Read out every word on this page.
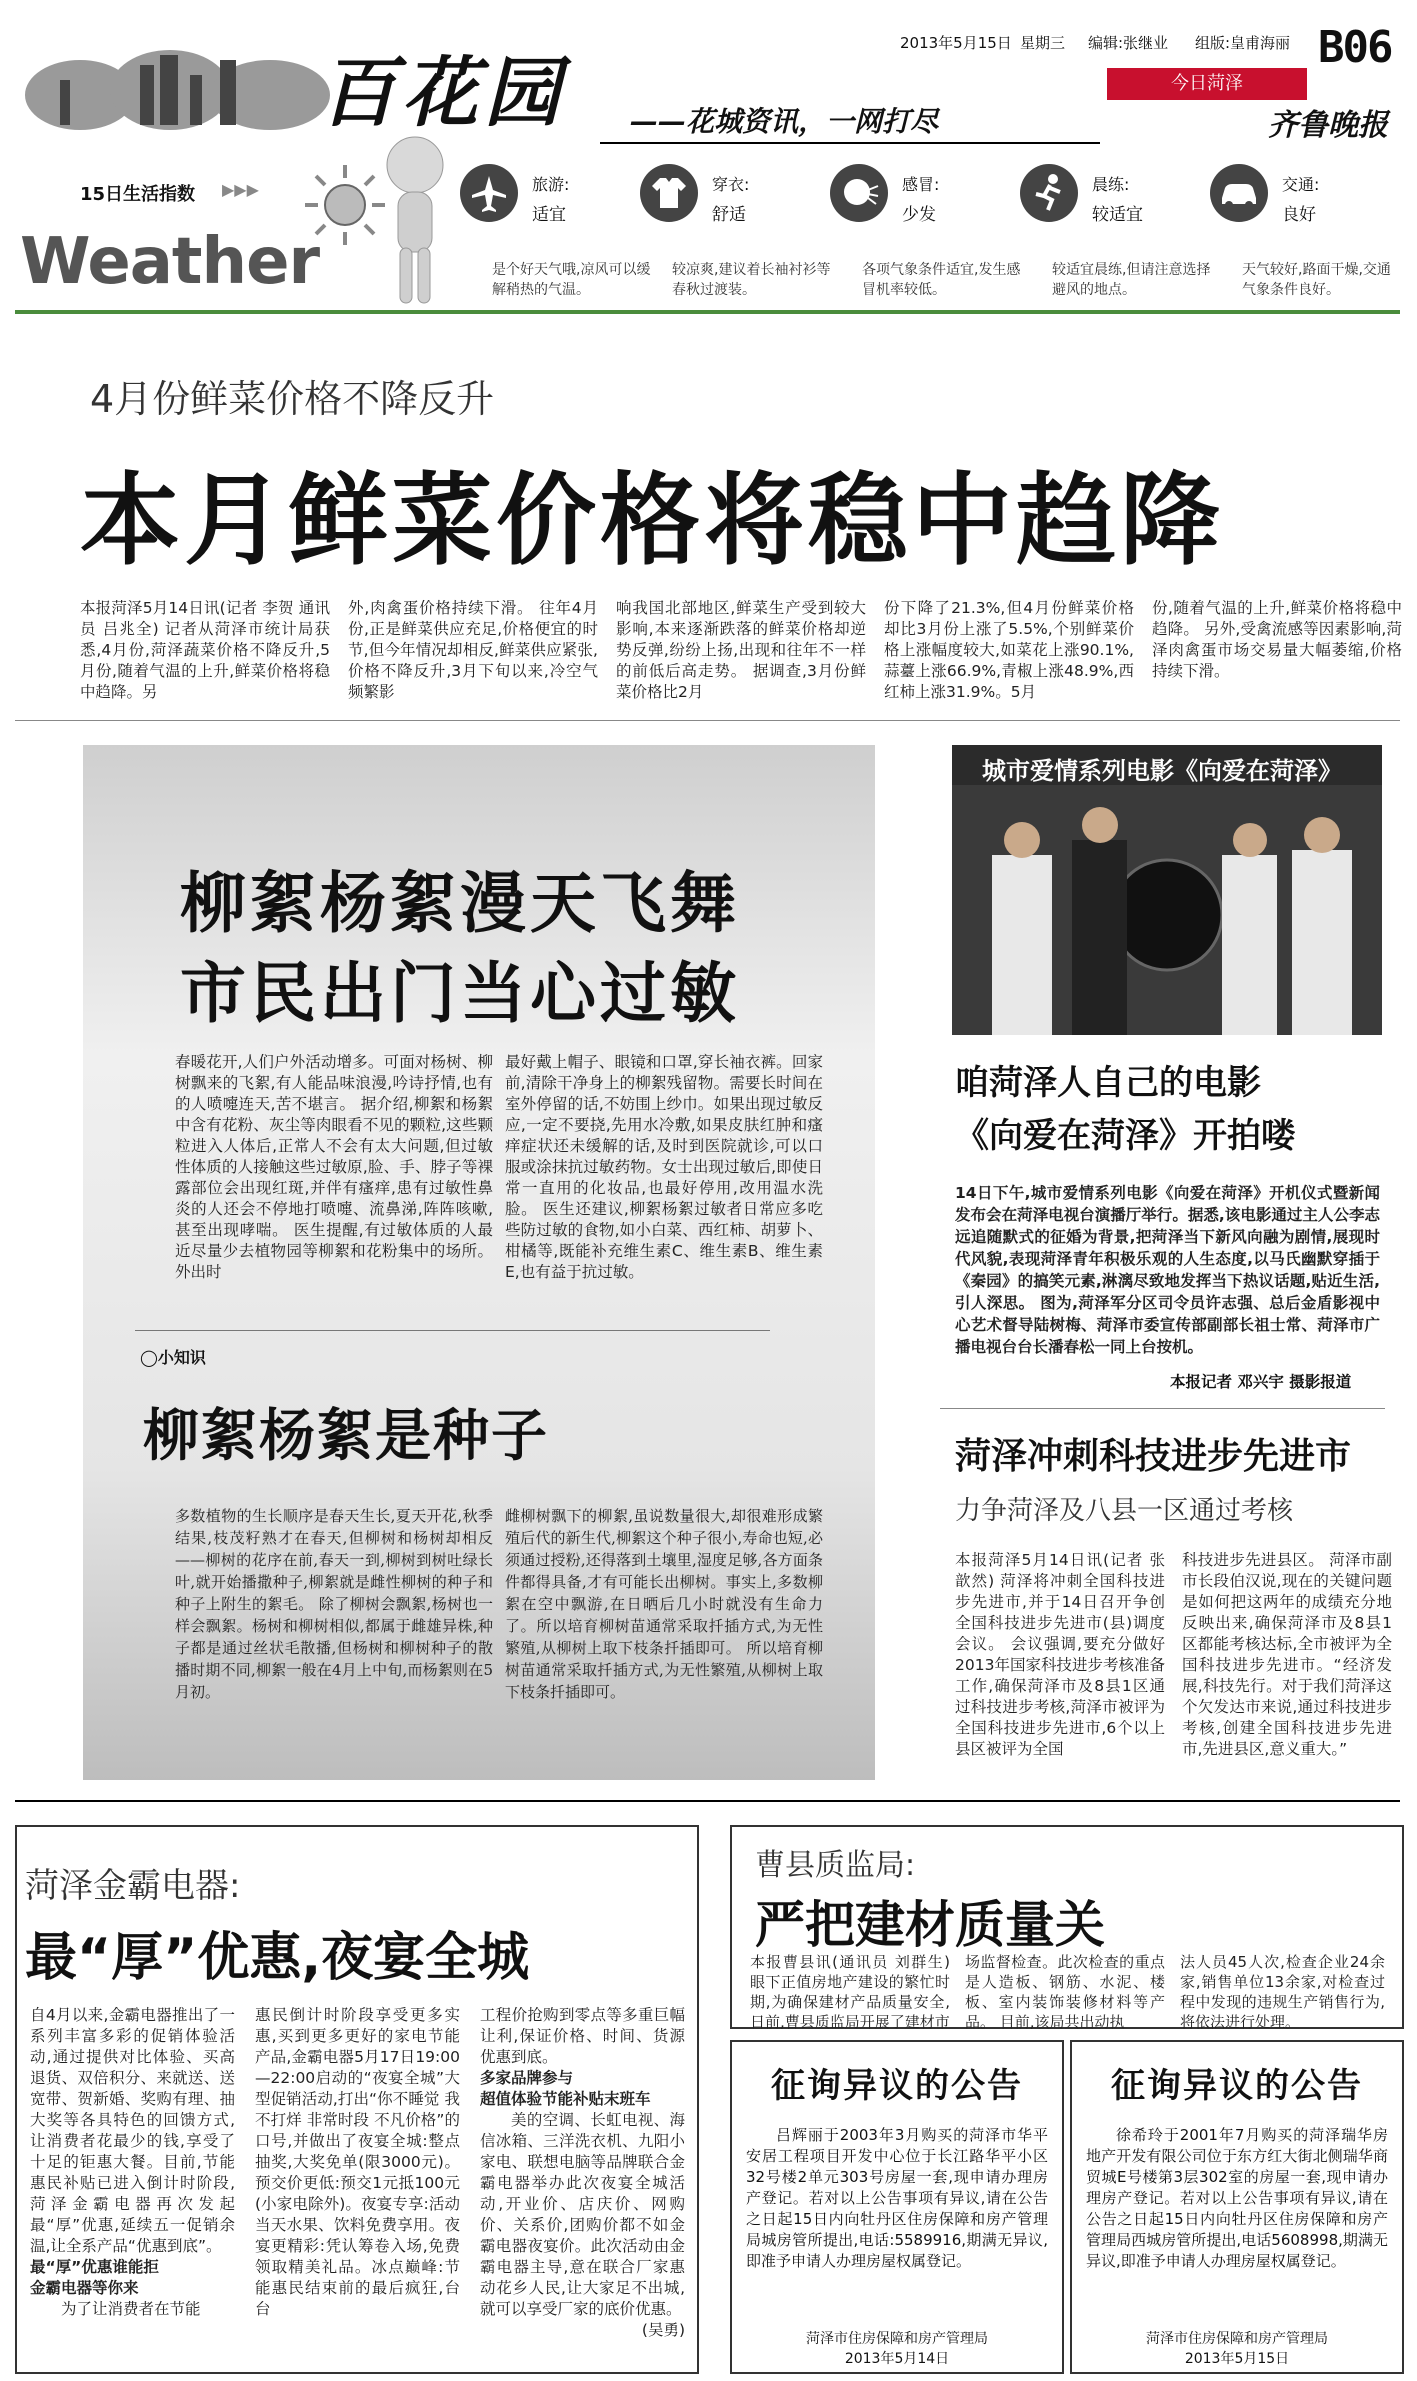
2013年5月15日 星期三 编辑:张继业 组版:皇甫海丽 B06
今日菏泽
齐鲁晚报
百花园 ——花城资讯，一网打尽
15日生活指数 ▶▶▶
Weather
旅游:
适宜
是个好天气哦,凉风可以缓解稍热的气温。
穿衣:
舒适
较凉爽,建议着长袖衬衫等春秋过渡装。
感冒:
少发
各项气象条件适宜,发生感冒机率较低。
晨练:
较适宜
较适宜晨练,但请注意选择避风的地点。
交通:
良好
天气较好,路面干燥,交通气象条件良好。
4月份鲜菜价格不降反升
本月鲜菜价格将稳中趋降
本报菏泽5月14日讯(记者 李贺 通讯员 吕兆全) 记者从菏泽市统计局获悉,4月份,菏泽蔬菜价格不降反升,5月份,随着气温的上升,鲜菜价格将稳中趋降。另
外,肉禽蛋价格持续下滑。 往年4月份,正是鲜菜供应充足,价格便宜的时节,但今年情况却相反,鲜菜供应紧张,价格不降反升,3月下旬以来,冷空气频繁影
响我国北部地区,鲜菜生产受到较大影响,本来逐渐跌落的鲜菜价格却逆势反弹,纷纷上扬,出现和往年不一样的前低后高走势。 据调查,3月份鲜菜价格比2月
份下降了21.3%,但4月份鲜菜价格却比3月份上涨了5.5%,个别鲜菜价格上涨幅度较大,如菜花上涨90.1%,蒜薹上涨66.9%,青椒上涨48.9%,西红柿上涨31.9%。5月
份,随着气温的上升,鲜菜价格将稳中趋降。 另外,受禽流感等因素影响,菏泽肉禽蛋市场交易量大幅萎缩,价格持续下滑。
柳絮杨絮漫天飞舞
市民出门当心过敏
春暖花开,人们户外活动增多。可面对杨树、柳树飘来的飞絮,有人能品味浪漫,吟诗抒情,也有的人喷嚏连天,苦不堪言。 据介绍,柳絮和杨絮中含有花粉、灰尘等肉眼看不见的颗粒,这些颗粒进入人体后,正常人不会有太大问题,但过敏性体质的人接触这些过敏原,脸、手、脖子等裸露部位会出现红斑,并伴有瘙痒,患有过敏性鼻炎的人还会不停地打喷嚏、流鼻涕,阵阵咳嗽,甚至出现哮喘。 医生提醒,有过敏体质的人最近尽量少去植物园等柳絮和花粉集中的场所。外出时
最好戴上帽子、眼镜和口罩,穿长袖衣裤。回家前,清除干净身上的柳絮残留物。需要长时间在室外停留的话,不妨围上纱巾。如果出现过敏反应,一定不要挠,先用水冷敷,如果皮肤红肿和瘙痒症状还未缓解的话,及时到医院就诊,可以口服或涂抹抗过敏药物。女士出现过敏后,即使日常一直用的化妆品,也最好停用,改用温水洗脸。 医生还建议,柳絮杨絮过敏者日常应多吃些防过敏的食物,如小白菜、西红柿、胡萝卜、柑橘等,既能补充维生素C、维生素B、维生素E,也有益于抗过敏。
◯小知识
柳絮杨絮是种子
多数植物的生长顺序是春天生长,夏天开花,秋季结果,枝茂籽熟才在春天,但柳树和杨树却相反——柳树的花序在前,春天一到,柳树到树吐绿长叶,就开始播撒种子,柳絮就是雌性柳树的种子和种子上附生的絮毛。 除了柳树会飘絮,杨树也一样会飘絮。杨树和柳树相似,都属于雌雄异株,种子都是通过丝状毛散播,但杨树和柳树种子的散播时期不同,柳絮一般在4月上中旬,而杨絮则在5月初。
雌柳树飘下的柳絮,虽说数量很大,却很难形成繁殖后代的新生代,柳絮这个种子很小,寿命也短,必须通过授粉,还得落到土壤里,湿度足够,各方面条件都得具备,才有可能长出柳树。事实上,多数柳絮在空中飘游,在日晒后几小时就没有生命力了。所以培育柳树苗通常采取扦插方式,为无性繁殖,从柳树上取下枝条扦插即可。 所以培育柳树苗通常采取扦插方式,为无性繁殖,从柳树上取下枝条扦插即可。
城市爱情系列电影《向爱在菏泽》
咱菏泽人自己的电影
《向爱在菏泽》开拍喽
14日下午,城市爱情系列电影《向爱在菏泽》开机仪式暨新闻发布会在菏泽电视台演播厅举行。据悉,该电影通过主人公李志远追随默式的征婚为背景,把菏泽当下新风向融为剧情,展现时代风貌,表现菏泽青年积极乐观的人生态度,以马氏幽默穿插于《秦园》的搞笑元素,淋漓尽致地发挥当下热议话题,贴近生活,引人深思。 图为,菏泽军分区司令员许志强、总后金盾影视中心艺术督导陆树梅、菏泽市委宣传部副部长祖士常、菏泽市广播电视台台长潘春松一同上台按机。
本报记者 邓兴宇 摄影报道
菏泽冲刺科技进步先进市
力争菏泽及八县一区通过考核
本报菏泽5月14日讯(记者 张歆然) 菏泽将冲刺全国科技进步先进市,并于14日召开争创全国科技进步先进市(县)调度会议。 会议强调,要充分做好2013年国家科技进步考核准备工作,确保菏泽市及8县1区通过科技进步考核,菏泽市被评为全国科技进步先进市,6个以上县区被评为全国
科技进步先进县区。 菏泽市副市长段伯汉说,现在的关键问题是如何把这两年的成绩充分地反映出来,确保菏泽市及8县1区都能考核达标,全市被评为全国科技进步先进市。“经济发展,科技先行。对于我们菏泽这个欠发达市来说,通过科技进步考核,创建全国科技进步先进市,先进县区,意义重大。”
菏泽金霸电器:
最“厚”优惠,夜宴全城
自4月以来,金霸电器推出了一系列丰富多彩的促销体验活动,通过提供对比体验、买高退货、双倍积分、来就送、送宽带、贺新婚、奖购有理、抽大奖等各具特色的回馈方式,让消费者花最少的钱,享受了十足的钜惠大餐。目前,节能惠民补贴已进入倒计时阶段,菏泽金霸电器再次发起最“厚”优惠,延续五一促销余温,让全系产品“优惠到底”。
最“厚”优惠谁能拒
金霸电器等你来
为了让消费者在节能
惠民倒计时阶段享受更多实惠,买到更多更好的家电节能产品,金霸电器5月17日19:00—22:00启动的“夜宴全城”大型促销活动,打出“你不睡觉 我不打烊 非常时段 不凡价格”的口号,并做出了夜宴全城:整点抽奖,大奖免单(限3000元)。预交价更低:预交1元抵100元(小家电除外)。夜宴专享:活动当天水果、饮料免费享用。夜宴更精彩:凭认筹卷入场,免费领取精美礼品。冰点巅峰:节能惠民结束前的最后疯狂,台台
工程价抢购到零点等多重巨幅让利,保证价格、时间、货源优惠到底。
多家品牌参与
超值体验节能补贴末班车
美的空调、长虹电视、海信冰箱、三洋洗衣机、九阳小家电、联想电脑等品牌联合金霸电器举办此次夜宴全城活动,开业价、店庆价、网购价、关系价,团购价都不如金霸电器夜宴价。此次活动由金霸电器主导,意在联合厂家惠动花乡人民,让大家足不出城,就可以享受厂家的底价优惠。
(吴勇)
曹县质监局:
严把建材质量关
本报曹县讯(通讯员 刘群生) 眼下正值房地产建设的繁忙时期,为确保建材产品质量安全,日前,曹县质监局开展了建材市
场监督检查。此次检查的重点是人造板、钢筋、水泥、楼板、室内装饰装修材料等产品。 目前,该局共出动执
法人员45人次,检查企业24余家,销售单位13余家,对检查过程中发现的违规生产销售行为,将依法进行处理。
征询异议的公告
吕辉丽于2003年3月购买的菏泽市华平安居工程项目开发中心位于长江路华平小区32号楼2单元303号房屋一套,现申请办理房产登记。若对以上公告事项有异议,请在公告之日起15日内向牡丹区住房保障和房产管理局城房管所提出,电话:5589916,期满无异议,即准予申请人办理房屋权属登记。
菏泽市住房保障和房产管理局
2013年5月14日
征询异议的公告
徐希玲于2001年7月购买的菏泽瑞华房地产开发有限公司位于东方红大街北侧瑞华商贸城E号楼第3层302室的房屋一套,现申请办理房产登记。若对以上公告事项有异议,请在公告之日起15日内向牡丹区住房保障和房产管理局西城房管所提出,电话5608998,期满无异议,即准予申请人办理房屋权属登记。
菏泽市住房保障和房产管理局
2013年5月15日
